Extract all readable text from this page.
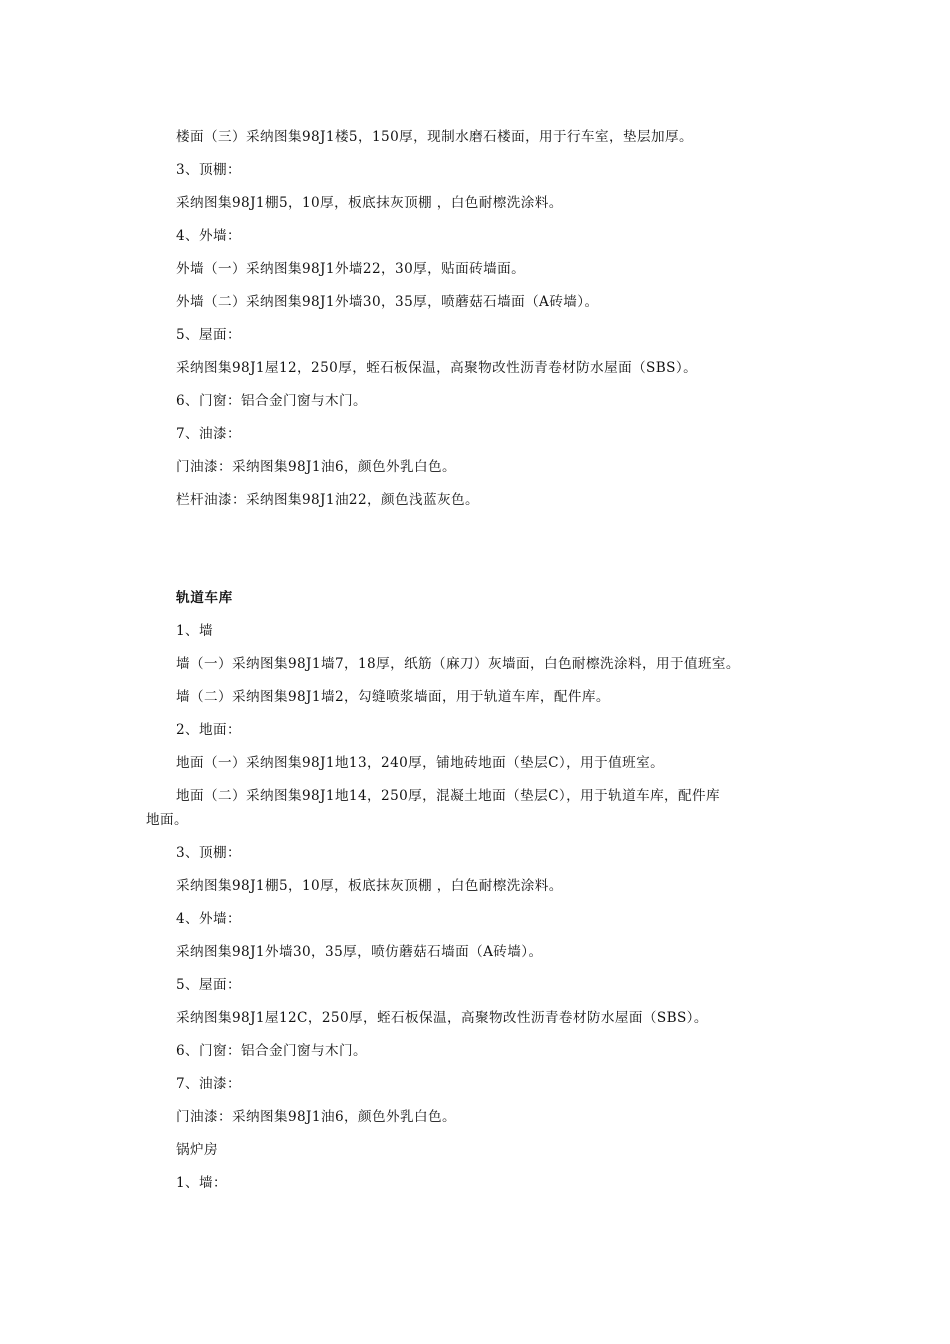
楼面（三）采纳图集98J1楼5，150厚，现制水磨石楼面，用于行车室，垫层加厚。
3、顶棚：
采纳图集98J1棚5，10厚，板底抹灰顶棚 ，白色耐檫洗涂料。
4、外墙：
外墙（一）采纳图集98J1外墙22，30厚，贴面砖墙面。
外墙（二）采纳图集98J1外墙30，35厚，喷蘑菇石墙面（A砖墙）。
5、屋面：
采纳图集98J1屋12，250厚，蛭石板保温，高聚物改性沥青卷材防水屋面（SBS）。
6、门窗：铝合金门窗与木门。
7、油漆：
门油漆：采纳图集98J1油6，颜色外乳白色。
栏杆油漆：采纳图集98J1油22，颜色浅蓝灰色。
轨道车库
1、墙
墙（一）采纳图集98J1墙7，18厚，纸筋（麻刀）灰墙面，白色耐檫洗涂料，用于值班室。
墙（二）采纳图集98J1墙2，勾缝喷浆墙面，用于轨道车库，配件库。
2、地面：
地面（一）采纳图集98J1地13，240厚，铺地砖地面（垫层C），用于值班室。
地面（二）采纳图集98J1地14，250厚，混凝土地面（垫层C），用于轨道车库，配件库
地面。
3、顶棚：
采纳图集98J1棚5，10厚，板底抹灰顶棚 ，白色耐檫洗涂料。
4、外墙：
采纳图集98J1外墙30，35厚，喷仿蘑菇石墙面（A砖墙）。
5、屋面：
采纳图集98J1屋12C，250厚，蛭石板保温，高聚物改性沥青卷材防水屋面（SBS）。
6、门窗：铝合金门窗与木门。
7、油漆：
门油漆：采纳图集98J1油6，颜色外乳白色。
锅炉房
1、墙：
